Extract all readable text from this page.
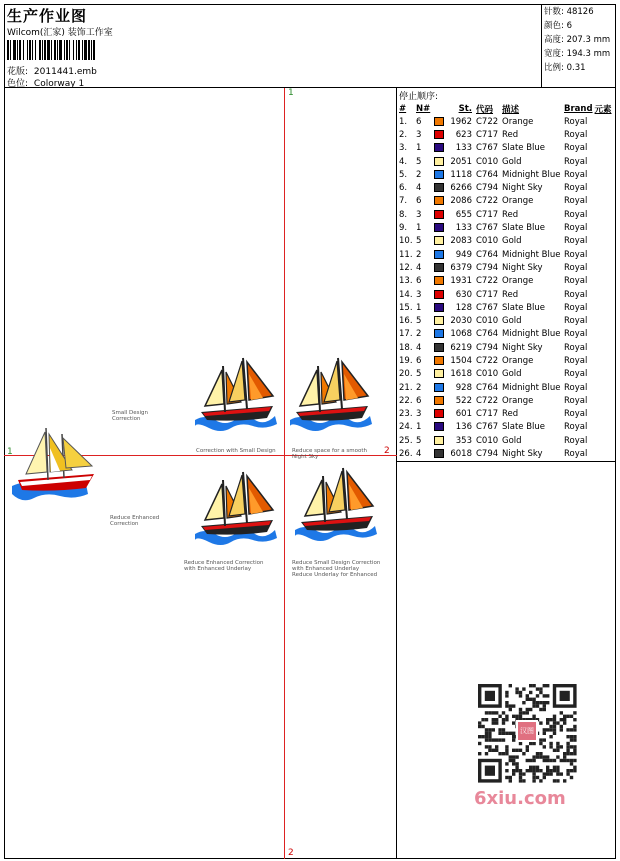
生产作业图
Wilcom(汇家) 装饰工作室
花版: 2011441.emb
色位: Colorway 1
针数: 48126
颜色: 6
高度: 207.3 mm
宽度: 194.3 mm
比例: 0.31
1
2
1	2
Small Design
Correction
Correction with Small Design	Reduce space for a smooth
Night Sky
Reduce Enhanced
Correction
Reduce Enhanced Correction
with Enhanced Underlay
Reduce Small Design Correction
with Enhanced Underlay
Reduce Underlay for Enhanced
停止顺序:
#	N#		St.	代码	描述	Brand	元素
1.	6		1962	C722	Orange	Royal	
2.	3		623	C717	Red	Royal	
3.	1		133	C767	Slate Blue	Royal	
4.	5		2051	C010	Gold	Royal	
5.	2		1118	C764	Midnight Blue	Royal	
6.	4		6266	C794	Night Sky	Royal	
7.	6		2086	C722	Orange	Royal	
8.	3		655	C717	Red	Royal	
9.	1		133	C767	Slate Blue	Royal	
10.	5		2083	C010	Gold	Royal	
11.	2		949	C764	Midnight Blue	Royal	
12.	4		6379	C794	Night Sky	Royal	
13.	6		1931	C722	Orange	Royal	
14.	3		630	C717	Red	Royal	
15.	1		128	C767	Slate Blue	Royal	
16.	5		2030	C010	Gold	Royal	
17.	2		1068	C764	Midnight Blue	Royal	
18.	4		6219	C794	Night Sky	Royal	
19.	6		1504	C722	Orange	Royal	
20.	5		1618	C010	Gold	Royal	
21.	2		928	C764	Midnight Blue	Royal	
22.	6		522	C722	Orange	Royal	
23.	3		601	C717	Red	Royal	
24.	1		136	C767	Slate Blue	Royal	
25.	5		353	C010	Gold	Royal	
26.	4		6018	C794	Night Sky	Royal	
汉图
6xiu.com
